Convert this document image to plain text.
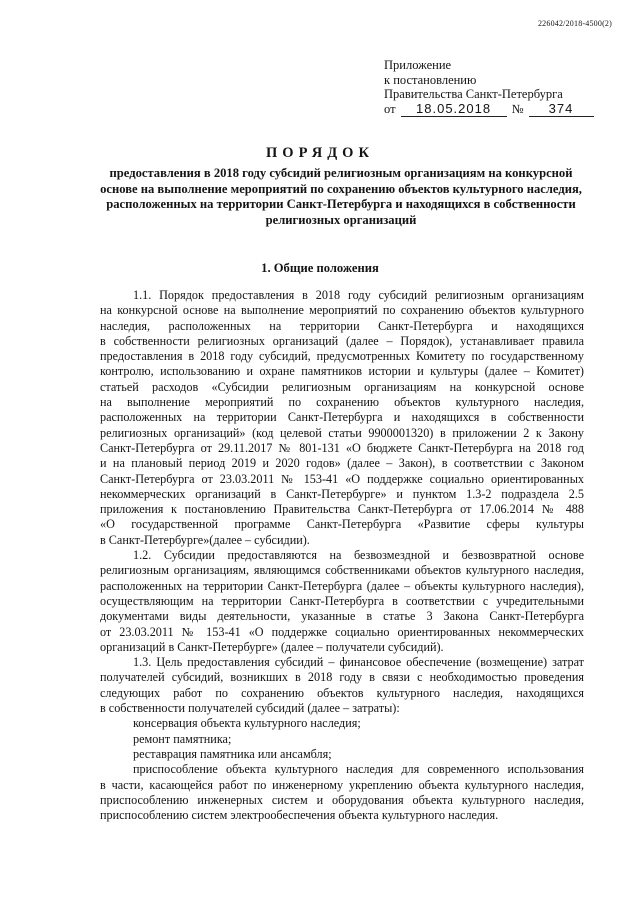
226042/2018-4500(2)
Приложение
к постановлению
Правительства Санкт-Петербурга
от	18.05.2018	№	374
ПОРЯДОК
предоставления в 2018 году субсидий религиозным организациям на конкурсной
основе на выполнение мероприятий по сохранению объектов культурного наследия,
расположенных на территории Санкт-Петербурга и находящихся в собственности
религиозных организаций
1. Общие положения
1.1. Порядок предоставления в 2018 году субсидий религиозным организациям
на конкурсной основе на выполнение мероприятий по сохранению объектов культурного
наследия, расположенных на территории Санкт-Петербурга и находящихся
в собственности религиозных организаций (далее – Порядок), устанавливает правила
предоставления в 2018 году субсидий, предусмотренных Комитету по государственному
контролю, использованию и охране памятников истории и культуры (далее – Комитет)
статьей расходов «Субсидии религиозным организациям на конкурсной основе
на выполнение мероприятий по сохранению объектов культурного наследия,
расположенных на территории Санкт-Петербурга и находящихся в собственности
религиозных организаций» (код целевой статьи 9900001320) в приложении 2 к Закону
Санкт-Петербурга от 29.11.2017 № 801-131 «О бюджете Санкт-Петербурга на 2018 год
и на плановый период 2019 и 2020 годов» (далее – Закон), в соответствии с Законом
Санкт-Петербурга от 23.03.2011 № 153-41 «О поддержке социально ориентированных
некоммерческих организаций в Санкт-Петербурге» и пунктом 1.3-2 подраздела 2.5
приложения к постановлению Правительства Санкт-Петербурга от 17.06.2014 № 488
«О государственной программе Санкт-Петербурга «Развитие сферы культуры
в Санкт-Петербурге»(далее – субсидии).
1.2. Субсидии предоставляются на безвозмездной и безвозвратной основе
религиозным организациям, являющимся собственниками объектов культурного наследия,
расположенных на территории Санкт-Петербурга (далее – объекты культурного наследия),
осуществляющим на территории Санкт-Петербурга в соответствии с учредительными
документами виды деятельности, указанные в статье 3 Закона Санкт-Петербурга
от 23.03.2011 № 153-41 «О поддержке социально ориентированных некоммерческих
организаций в Санкт-Петербурге» (далее – получатели субсидий).
1.3. Цель предоставления субсидий – финансовое обеспечение (возмещение) затрат
получателей субсидий, возникших в 2018 году в связи с необходимостью проведения
следующих работ по сохранению объектов культурного наследия, находящихся
в собственности получателей субсидий (далее – затраты):
консервация объекта культурного наследия;
ремонт памятника;
реставрация памятника или ансамбля;
приспособление объекта культурного наследия для современного использования
в части, касающейся работ по инженерному укреплению объекта культурного наследия,
приспособлению инженерных систем и оборудования объекта культурного наследия,
приспособлению систем электрообеспечения объекта культурного наследия.
